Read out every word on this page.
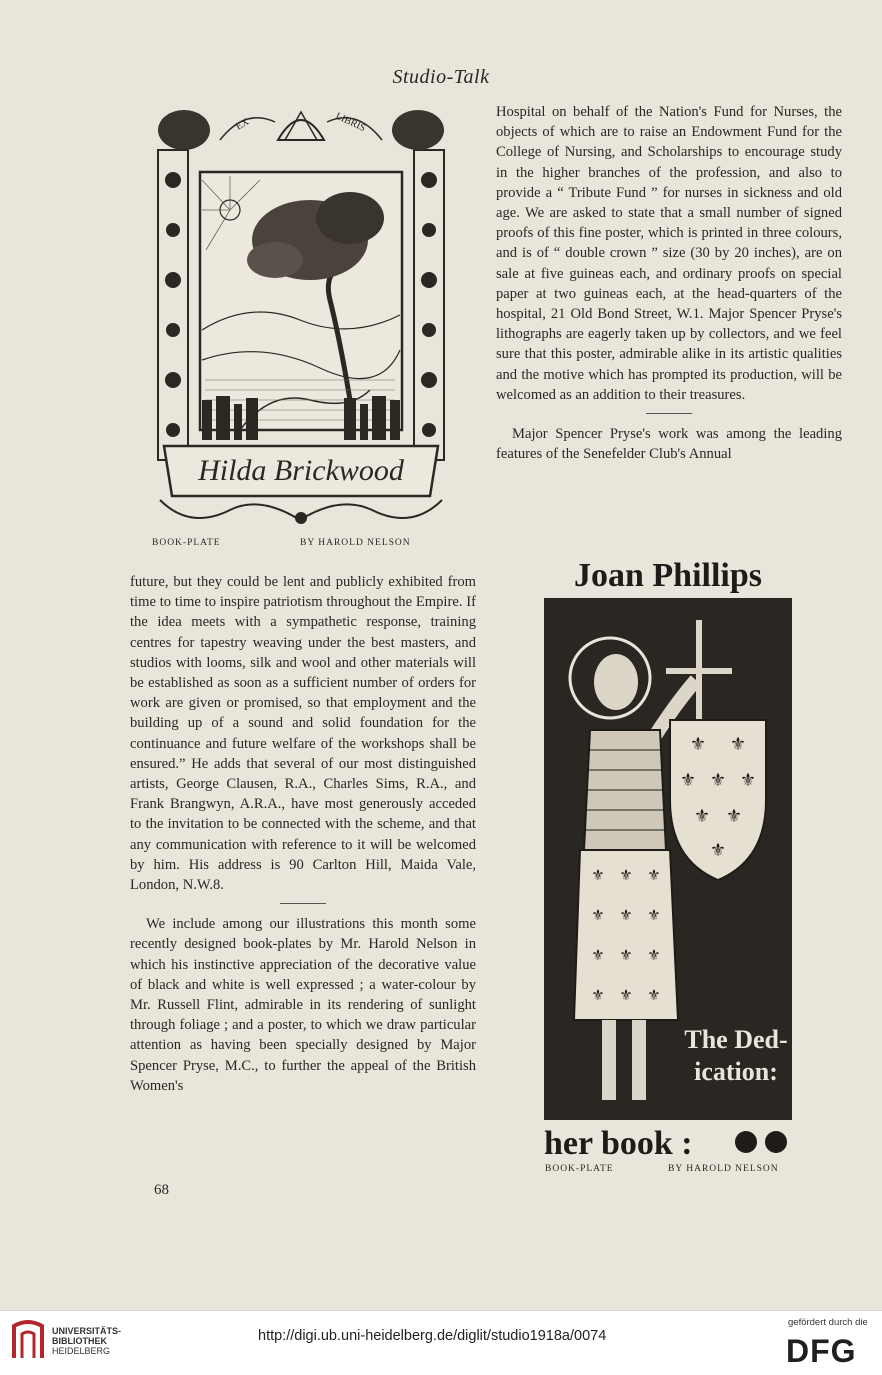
Studio-Talk
EX	LIBRIS
Hilda Brickwood
BOOK-PLATE	BY HAROLD NELSON

Hospital on behalf of the Nation's Fund for Nurses, the objects of which are to raise an Endowment Fund for the College of Nursing, and Scholarships to encourage study in the higher branches of the profession, and also to provide a “ Tribute Fund ” for nurses in sickness and old age. We are asked to state that a small number of signed proofs of this fine poster, which is printed in three colours, and is of “ double crown ” size (30 by 20 inches), are on sale at five guineas each, and ordinary proofs on special paper at two guineas each, at the head-quarters of the hospital, 21 Old Bond Street, W.1. Major Spencer Pryse's lithographs are eagerly taken up by collectors, and we feel sure that this poster, admirable alike in its artistic qualities and the motive which has prompted its production, will be welcomed as an addition to their treasures.

Major Spencer Pryse's work was among the leading features of the Senefelder Club's Annual

Joan Phillips
⚜ ⚜
⚜ ⚜ ⚜
⚜ ⚜
⚜
⚜ ⚜ ⚜
⚜ ⚜ ⚜
⚜ ⚜ ⚜
⚜ ⚜ ⚜
The Ded-
ication:
her book :
BOOK-PLATE	BY HAROLD NELSON

future, but they could be lent and publicly exhibited from time to time to inspire patriotism throughout the Empire. If the idea meets with a sympathetic response, training centres for tapestry weaving under the best masters, and studios with looms, silk and wool and other materials will be established as soon as a sufficient number of orders for work are given or promised, so that employment and the building up of a sound and solid foundation for the continuance and future welfare of the workshops shall be ensured.” He adds that several of our most distinguished artists, George Clausen, R.A., Charles Sims, R.A., and Frank Brangwyn, A.R.A., have most generously acceded to the invitation to be connected with the scheme, and that any communication with reference to it will be welcomed by him. His address is 90 Carlton Hill, Maida Vale, London, N.W.8.

We include among our illustrations this month some recently designed book-plates by Mr. Harold Nelson in which his instinctive appreciation of the decorative value of black and white is well expressed ; a water-colour by Mr. Russell Flint, admirable in its rendering of sunlight through foliage ; and a poster, to which we draw particular attention as having been specially designed by Major Spencer Pryse, M.C., to further the appeal of the British Women's

68
UNIVERSITÄTS-
BIBLIOTHEK
HEIDELBERG
http://digi.ub.uni-heidelberg.de/diglit/studio1918a/0074
gefördert durch die
DFG
